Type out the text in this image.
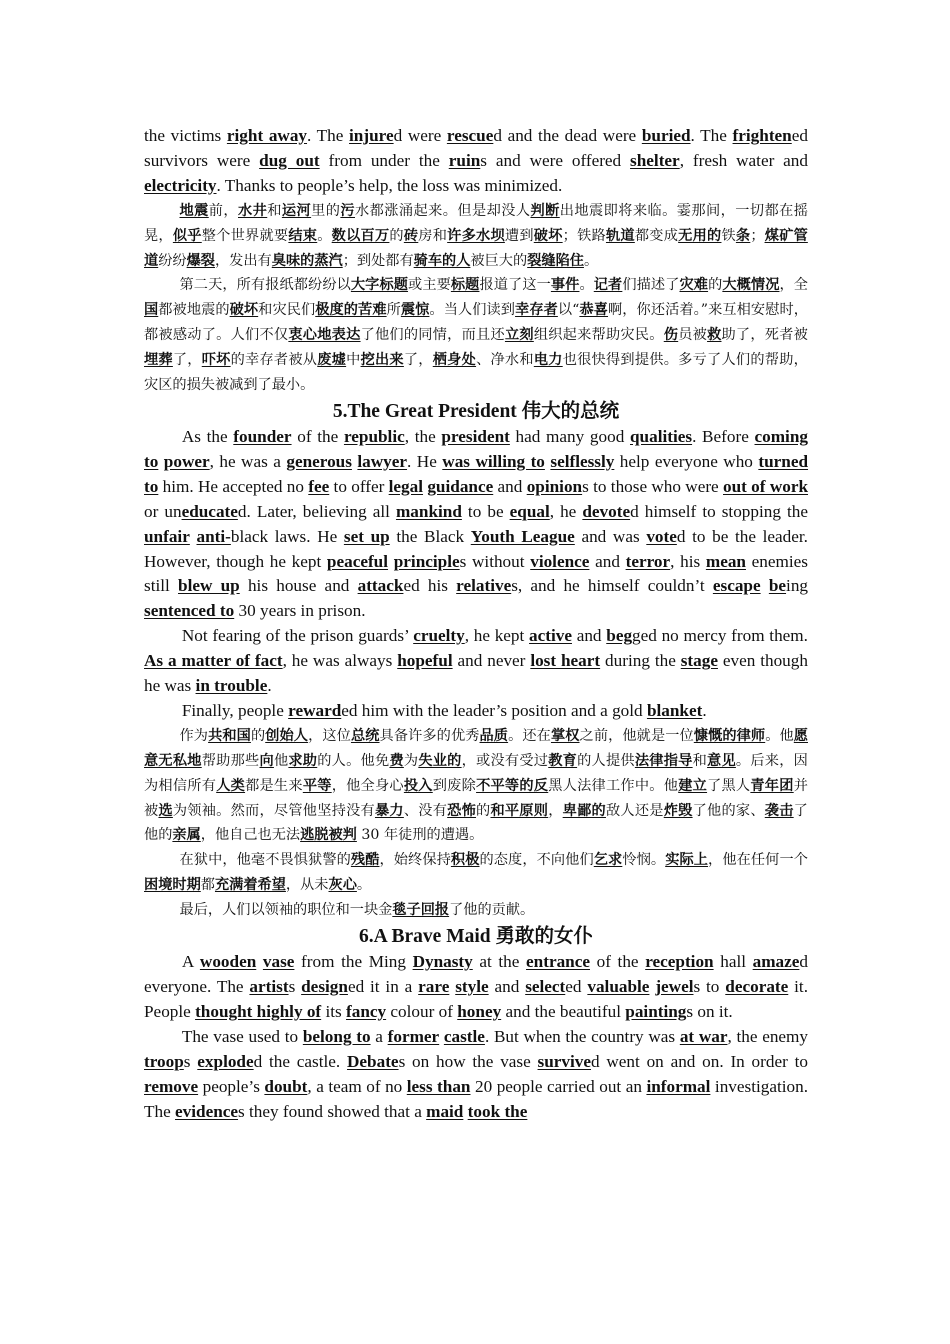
the victims right away. The injured were rescued and the dead were buried. The frightened survivors were dug out from under the ruins and were offered shelter, fresh water and electricity. Thanks to people’s help, the loss was minimized.

地震前，水井和运河里的污水都涨涌起来。但是却没人判断出地震即将来临。霎那间，一切都在摇晃，似乎整个世界就要结束。数以百万的砖房和许多水坝遭到破坏；铁路轨道都变成无用的铁条；煤矿管道纷纷爆裂，发出有臭味的蒸汽；到处都有骑车的人被巨大的裂缝陷住。

第二天，所有报纸都纷纷以大字标题或主要标题报道了这一事件。记者们描述了灾难的大概情况，全国都被地震的破坏和灾民们极度的苦难所震惊。当人们读到幸存者以“恭喜啊，你还活着。”来互相安慰时，都被感动了。人们不仅衷心地表达了他们的同情，而且还立刻组织起来帮助灾民。伤员被救助了，死者被埋葬了，吓坏的幸存者被从废墟中挖出来了，栖身处、净水和电力也很快得到提供。多亏了人们的帮助，灾区的损失被减到了最小。

5.The Great President 伟大的总统

As the founder of the republic, the president had many good qualities. Before coming to power, he was a generous lawyer. He was willing to selflessly help everyone who turned to him. He accepted no fee to offer legal guidance and opinions to those who were out of work or uneducated. Later, believing all mankind to be equal, he devoted himself to stopping the unfair anti-black laws. He set up the Black Youth League and was voted to be the leader. However, though he kept peaceful principles without violence and terror, his mean enemies still blew up his house and attacked his relatives, and he himself couldn’t escape being sentenced to 30 years in prison.

Not fearing of the prison guards’ cruelty, he kept active and begged no mercy from them. As a matter of fact, he was always hopeful and never lost heart during the stage even though he was in trouble.

Finally, people rewarded him with the leader’s position and a gold blanket.

作为共和国的创始人，这位总统具备许多的优秀品质。还在掌权之前，他就是一位慷慨的律师。他愿意无私地帮助那些向他求助的人。他免费为失业的，或没有受过教育的人提供法律指导和意见。后来，因为相信所有人类都是生来平等，他全身心投入到废除不平等的反黑人法律工作中。他建立了黑人青年团并被选为领袖。然而，尽管他坚持没有暴力、没有恐怖的和平原则，卑鄙的敌人还是炸毁了他的家、袭击了他的亲属，他自己也无法逃脱被判 30 年徒刑的遭遇。

在狱中，他毫不畏惧狱警的残酷，始终保持积极的态度，不向他们乞求怜悯。实际上，他在任何一个困境时期都充满着希望，从未灰心。

最后，人们以领袖的职位和一块金毯子回报了他的贡献。

6.A Brave Maid 勇敢的女仆

A wooden vase from the Ming Dynasty at the entrance of the reception hall amazed everyone. The artists designed it in a rare style and selected valuable jewels to decorate it. People thought highly of its fancy colour of honey and the beautiful paintings on it.

The vase used to belong to a former castle. But when the country was at war, the enemy troops exploded the castle. Debates on how the vase survived went on and on. In order to remove people’s doubt, a team of no less than 20 people carried out an informal investigation. The evidences they found showed that a maid took the
